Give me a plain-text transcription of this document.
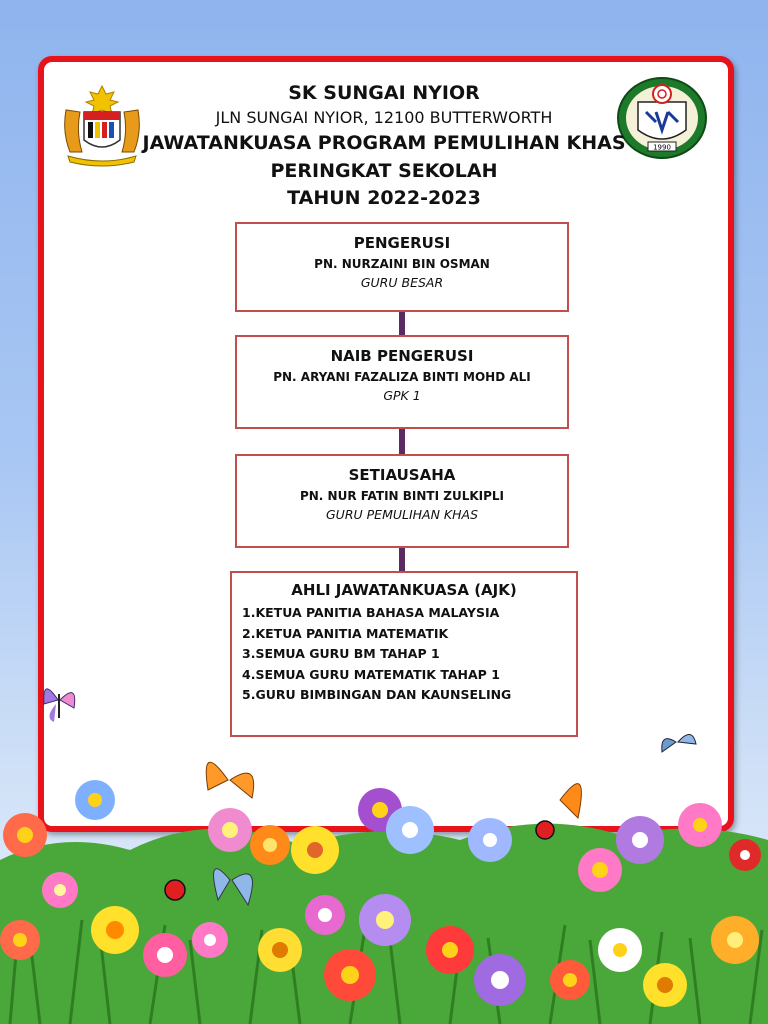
1990
SK SUNGAI NYIOR
JLN SUNGAI NYIOR, 12100 BUTTERWORTH
JAWATANKUASA PROGRAM PEMULIHAN KHAS
PERINGKAT SEKOLAH
TAHUN 2022-2023
PENGERUSI
PN. NURZAINI BIN OSMAN
GURU BESAR
NAIB PENGERUSI
PN. ARYANI FAZALIZA BINTI MOHD ALI
GPK 1
SETIAUSAHA
PN. NUR FATIN BINTI ZULKIPLI
GURU PEMULIHAN KHAS
AHLI JAWATANKUASA (AJK)
1.KETUA PANITIA BAHASA MALAYSIA
2.KETUA PANITIA MATEMATIK
3.SEMUA GURU BM TAHAP 1
4.SEMUA GURU MATEMATIK TAHAP 1
5.GURU BIMBINGAN DAN KAUNSELING
